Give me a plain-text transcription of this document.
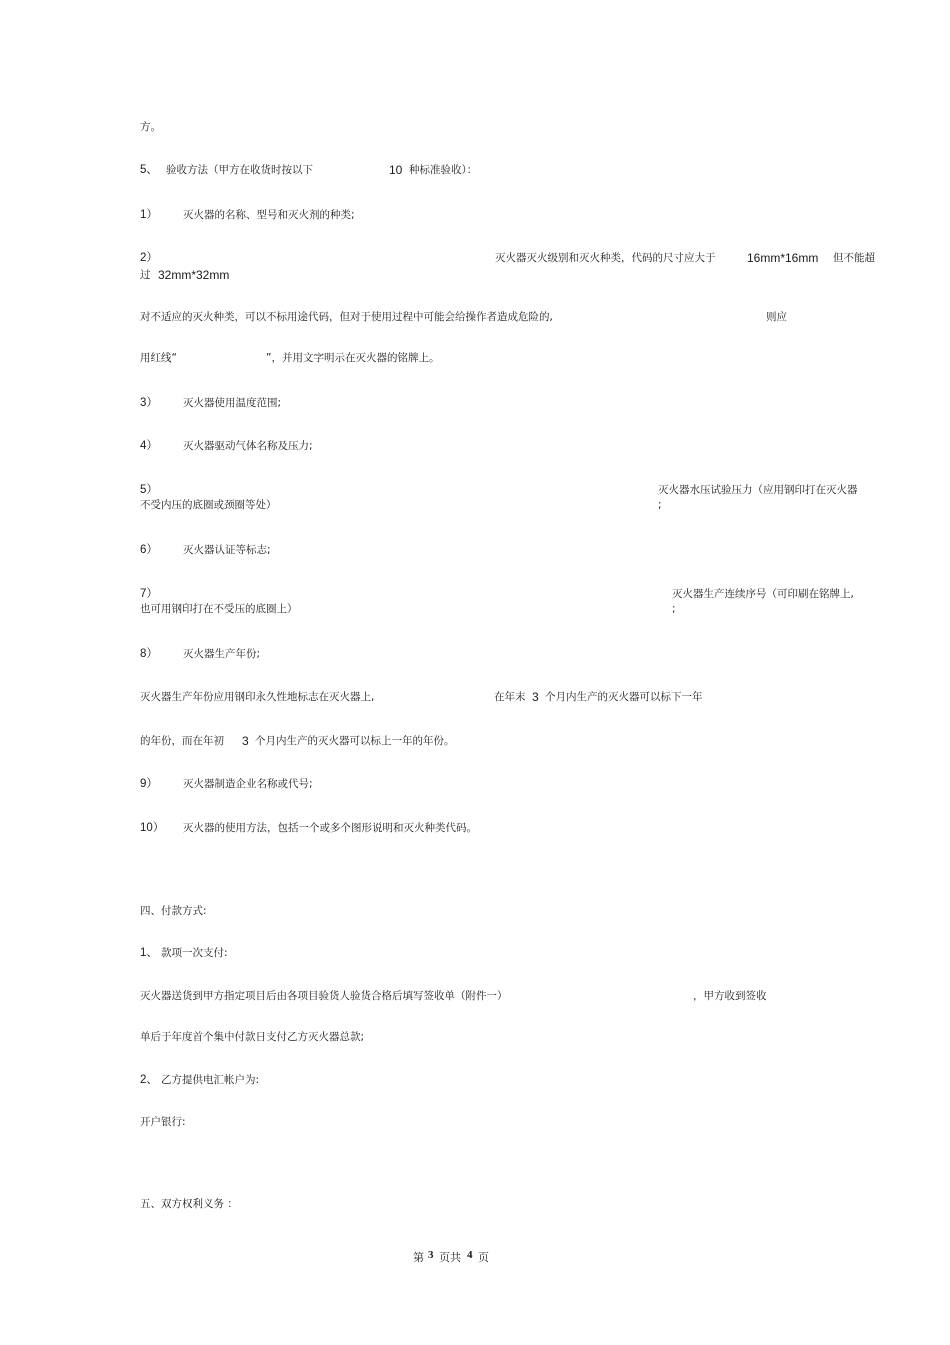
方。
5、 验收方法（甲方在收货时按以下	10 种标准验收）：
1） 灭火器的名称、型号和灭火剂的种类;
2）	灭火器灭火级别和灭火种类，代码的尺寸应大于	16mm*16mm 但不能超
过 32mm*32mm
对不适应的灭火种类，可以不标用途代码，但对于使用过程中可能会给操作者造成危险的,	则应
用红线“	”，并用文字明示在灭火器的铭牌上。
3） 灭火器使用温度范围;
4） 灭火器驱动气体名称及压力;
5）	灭火器水压试验压力（应用钢印打在灭火器
不受内压的底圈或颈圈等处）	;
6） 灭火器认证等标志;
7）	灭火器生产连续序号（可印刷在铭牌上,
也可用钢印打在不受压的底圈上）	;
8） 灭火器生产年份;
灭火器生产年份应用钢印永久性地标志在灭火器上,	在年末 3 个月内生产的灭火器可以标下一年
的年份，而在年初 3 个月内生产的灭火器可以标上一年的年份。
9） 灭火器制造企业名称或代号;
10） 灭火器的使用方法，包括一个或多个图形说明和灭火种类代码。
四、付款方式:
1、 款项一次支付:
灭火器送货到甲方指定项目后由各项目验货人验货合格后填写签收单（附件一）	，甲方收到签收
单后于年度首个集中付款日支付乙方灭火器总款;
2、 乙方提供电汇帐户为:
开户银行:
五、双方权利义务 ：
第 3 页共 4 页
